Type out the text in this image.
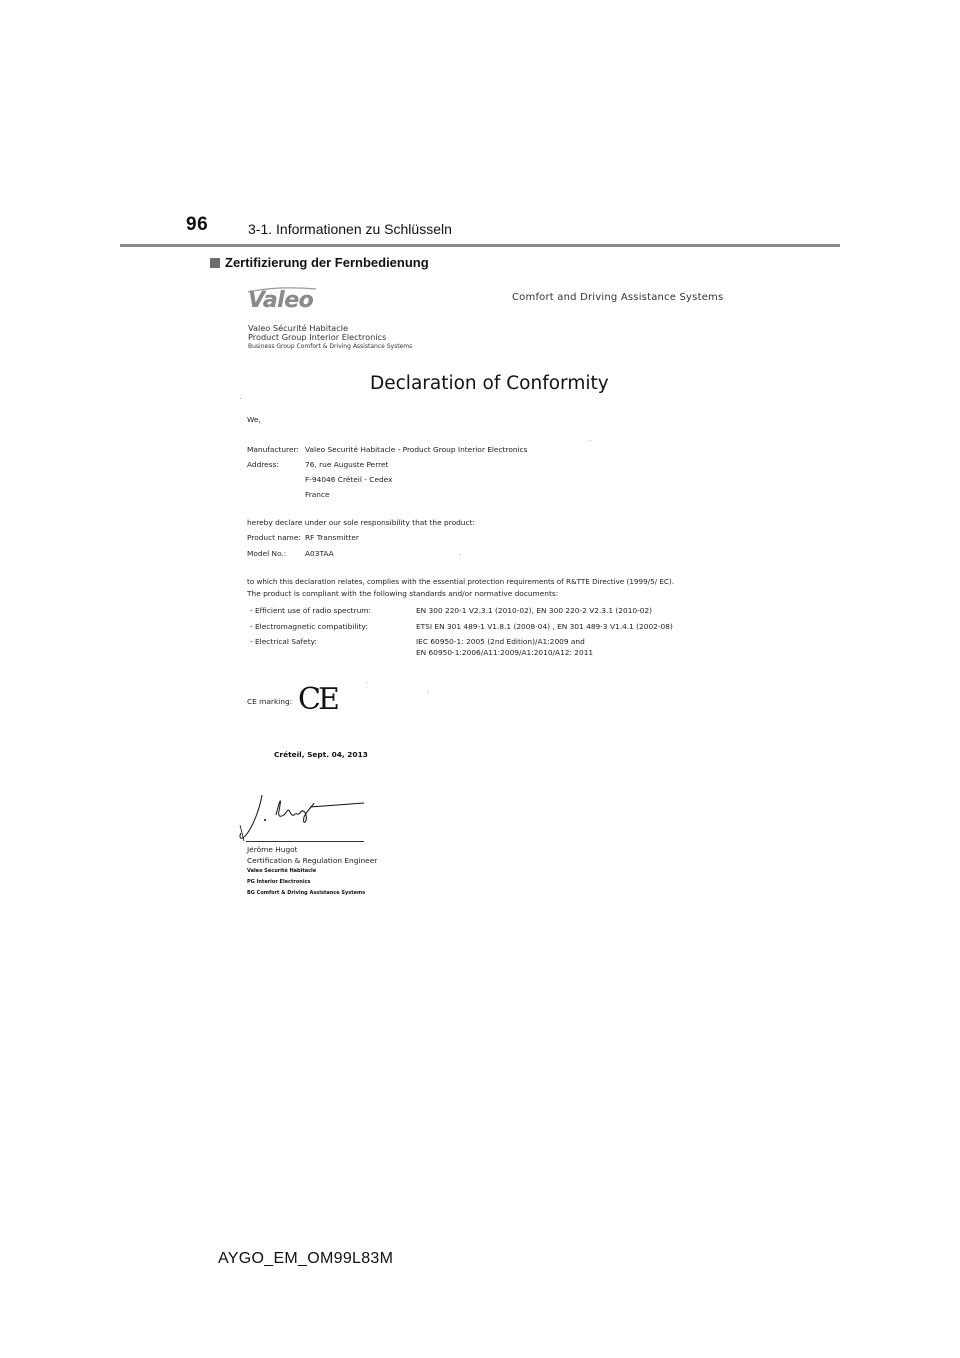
96	3-1. Informationen zu Schlüsseln
Zertifizierung der Fernbedienung
Valeo	Comfort and Driving Assistance Systems
Valeo Sécurité Habitacle
Product Group Interior Electronics
Business Group Comfort & Driving Assistance Systems
Declaration of Conformity
We,
Manufacturer: Valeo Securité Habitacle - Product Group Interior Electronics
Address:	76, rue Auguste Perret
F-94046 Créteil - Cedex
France
hereby declare under our sole responsibility that the product:
Product name: RF Transmitter
Model No.:	A03TAA
to which this declaration relates, complies with the essential protection requirements of R&TTE Directive (1999/5/ EC).
The product is compliant with the following standards and/or normative documents:
- Efficient use of radio spectrum:	EN 300 220-1 V2.3.1 (2010-02), EN 300 220-2 V2.3.1 (2010-02)
- Electromagnetic compatibility:	ETSI EN 301 489-1 V1.8.1 (2008-04) , EN 301 489-3 V1.4.1 (2002-08)
- Electrical Safety:	IEC 60950-1: 2005 (2nd Edition)/A1:2009 and
EN 60950-1:2006/A11:2009/A1:2010/A12: 2011
CE marking: CE
Créteil, Sept. 04, 2013
Jérôme Hugot
Certification & Regulation Engineer
Valeo Sécurité Habitacle
PG Interior Electronics
BG Comfort & Driving Assistance Systems
AYGO_EM_OM99L83M
